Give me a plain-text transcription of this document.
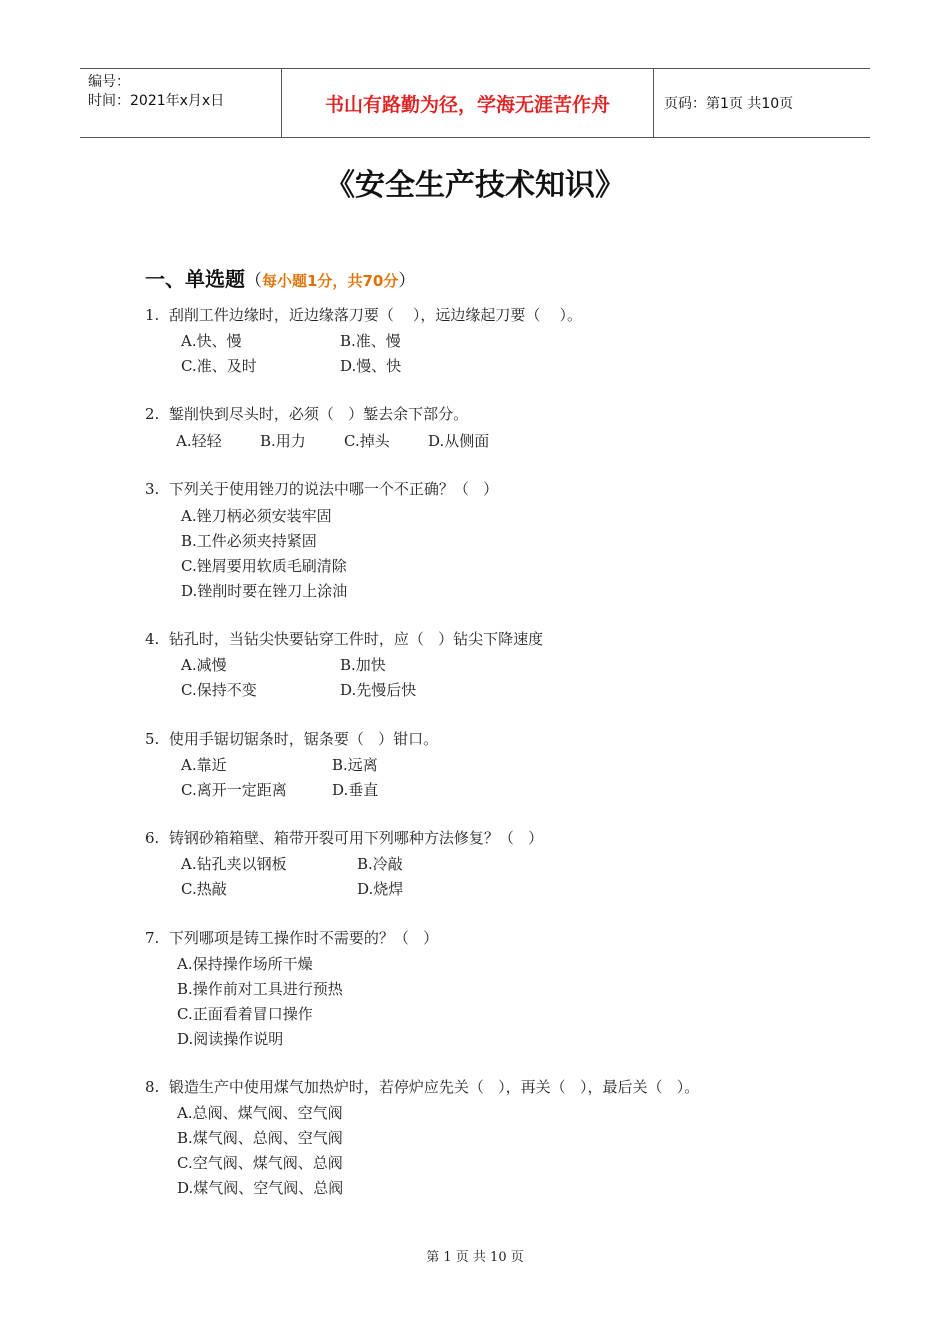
编号：
时间：2021年x月x日	书山有路勤为径，学海无涯苦作舟	页码：第1页 共10页
《安全生产技术知识》
一、单选题（每小题1分，共70分）
1.  刮削工件边缘时，近边缘落刀要（    ），远边缘起刀要（    ）。
A.快、慢	B.准、慢
C.准、及时	D.慢、快
2.  錾削快到尽头时，必须（   ）錾去余下部分。
A.轻轻	B.用力	C.掉头	D.从侧面
3.  下列关于使用锉刀的说法中哪一个不正确？（   ）
A.锉刀柄必须安装牢固
B.工件必须夹持紧固
C.锉屑要用软质毛刷清除
D.锉削时要在锉刀上涂油
4.  钻孔时，当钻尖快要钻穿工件时，应（   ）钻尖下降速度
A.减慢	B.加快
C.保持不变	D.先慢后快
5.  使用手锯切锯条时，锯条要（   ）钳口。
A.靠近	B.远离
C.离开一定距离	D.垂直
6.  铸钢砂箱箱壁、箱带开裂可用下列哪种方法修复？（   ）
A.钻孔夹以钢板	B.冷敲
C.热敲	D.烧焊
7.  下列哪项是铸工操作时不需要的？（   ）
A.保持操作场所干燥
B.操作前对工具进行预热
C.正面看着冒口操作
D.阅读操作说明
8.  锻造生产中使用煤气加热炉时，若停炉应先关（   ），再关（   ），最后关（   ）。
A.总阀、煤气阀、空气阀
B.煤气阀、总阀、空气阀
C.空气阀、煤气阀、总阀
D.煤气阀、空气阀、总阀
第 1 页 共 10 页
